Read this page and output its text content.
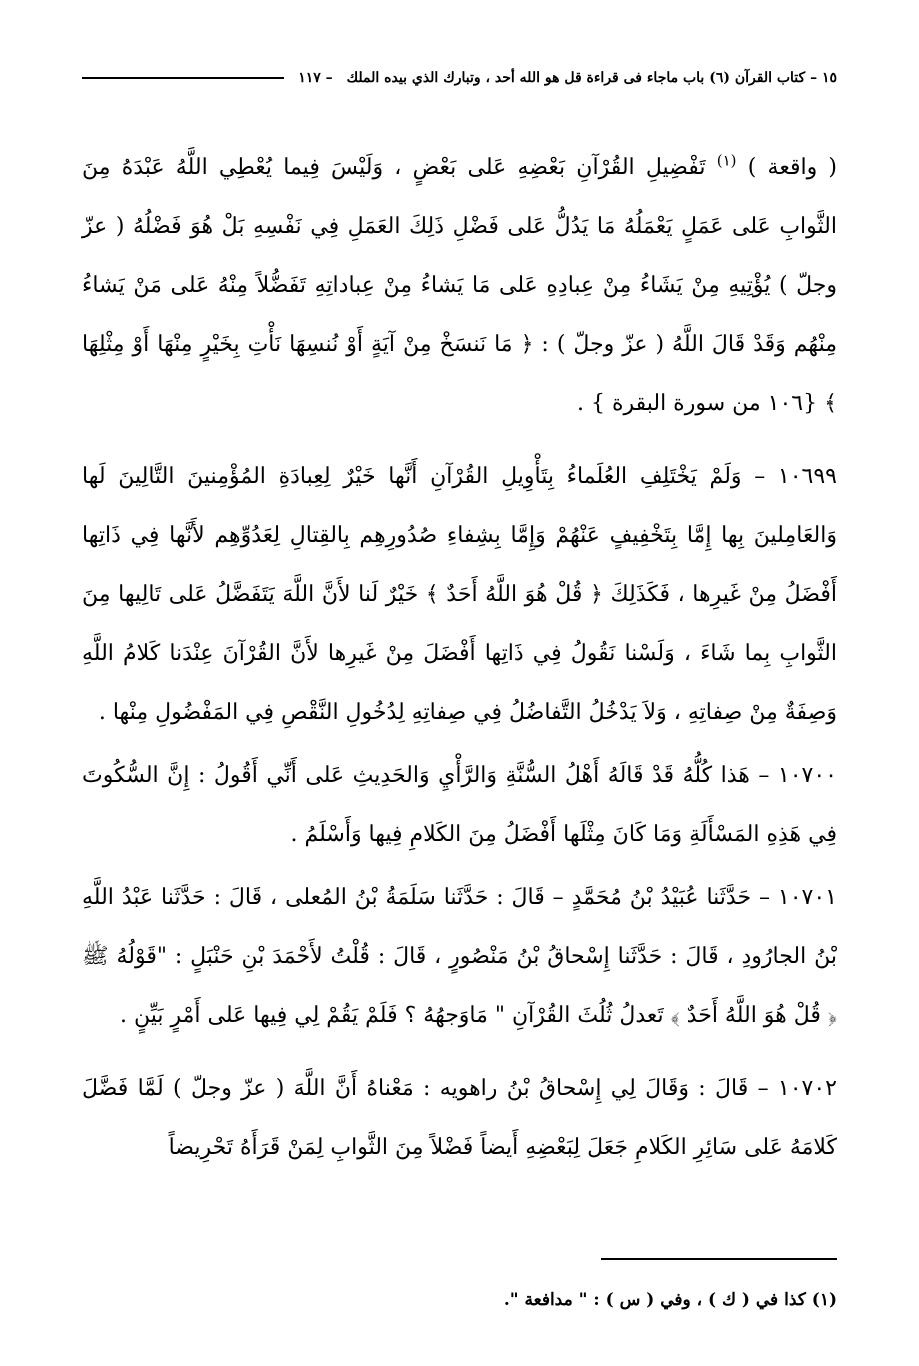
١٥ – كتاب القرآن (٦) باب ماجاء فى قراءة قل هو الله أحد ، وتبارك الذي بيده الملك
– ١١٧

( واقعة ) $^{(١)}$ تَفْضِيلِ القُرْآنِ بَعْضِهِ عَلى بَعْضٍ ، وَلَيْسَ فِيما يُعْطِي اللَّهُ عَبْدَهُ مِنَ الثَّوابِ عَلى عَمَلٍ يَعْمَلُهُ مَا يَدُلُّ عَلى فَضْلِ ذَلِكَ العَمَلِ فِي نَفْسِهِ بَلْ هُوَ فَضْلُهُ ( عزّ وجلّ ) يُؤْتِيهِ مِنْ يَشَاءُ مِنْ عِبادِهِ عَلى مَا يَشاءُ مِنْ عِباداتِهِ تَفَضُّلاً مِنْهُ عَلى مَنْ يَشاءُ مِنْهُم وَقَدْ قَالَ اللَّهُ ( عزّ وجلّ ) : ﴿ مَا نَنسَخْ مِنْ آيَةٍ أَوْ نُنسِهَا نَأْتِ بِخَيْرٍ مِنْهَا أَوْ مِثْلِهَا ﴾ {١٠٦ من سورة البقرة } .

١٠٦٩٩ – وَلَمْ يَخْتَلِفِ العُلَماءُ بِتَأْوِيلِ القُرْآنِ أَنَّها خَيْرٌ لِعِبادَةِ المُؤْمِنينَ التَّالِينَ لَها وَالعَامِلينَ بِها إِمَّا بِتَخْفِيفٍ عَنْهُمْ وَإِمَّا بِشِفاءِ صُدُورِهِم بِالقِتالِ لِعَدُوِّهِم لأَنَّها فِي ذَاتِها أَفْضَلُ مِنْ غَيرِها ، فَكَذَلِكَ ﴿ قُلْ هُوَ اللَّهُ أَحَدٌ ﴾ خَيْرٌ لَنا لأَنَّ اللَّهَ يَتَفَضَّلُ عَلى تَالِيها مِنَ الثَّوابِ بِما شَاءَ ، وَلَسْنا نَقُولُ فِي ذَاتِها أَفْضَلَ مِنْ غَيرِها لأَنَّ القُرْآنَ عِنْدَنا كَلامُ اللَّهِ وَصِفَةٌ مِنْ صِفاتِهِ ، وَلاَ يَدْخُلُ التَّفاضُلُ فِي صِفاتِهِ لِدُخُولِ النَّقْصِ فِي المَفْضُولِ مِنْها .

١٠٧٠٠ – هَذا كُلُّهُ قَدْ قَالَهُ أَهْلُ السُّنَّةِ وَالرَّأْيِ وَالحَدِيثِ عَلى أَنِّي أَقُولُ : إِنَّ السُّكُوتَ فِي هَذِهِ المَسْأَلَةِ وَمَا كَانَ مِثْلَها أَفْضَلُ مِنَ الكَلامِ فِيها وَأَسْلَمُ .

١٠٧٠١ – حَدَّثَنا عُبَيْدُ بْنُ مُحَمَّدٍ – قَالَ : حَدَّثَنا سَلَمَةُ بْنُ المُعلى ، قَالَ : حَدَّثَنا عَبْدُ اللَّهِ بْنُ الجارُودِ ، قَالَ : حَدَّثَنا إِسْحاقُ بْنُ مَنْصُورٍ ، قَالَ : قُلْتُ لأَحْمَدَ بْنِ حَنْبَلٍ : "قَوْلُهُ ﷺ ﴿ قُلْ هُوَ اللَّهُ أَحَدٌ ﴾ تَعدلُ ثُلُثَ القُرْآنِ " مَاوَجهُهُ ؟ فَلَمْ يَقُمْ لِي فِيها عَلى أَمْرٍ بَيِّنٍ .

١٠٧٠٢ – قَالَ : وَقَالَ لِي إِسْحاقُ بْنُ راهويه : مَعْناهُ أَنَّ اللَّهَ ( عزّ وجلّ ) لَمَّا فَضَّلَ كَلامَهُ عَلى سَائِرِ الكَلامِ جَعَلَ لِبَعْضِهِ أَيضاً فَضْلاً مِنَ الثَّوابِ لِمَنْ قَرَأَهُ تَحْرِيضاً

(١) كذا في ( ك ) ، وفي ( س ) : " مدافعة ".
